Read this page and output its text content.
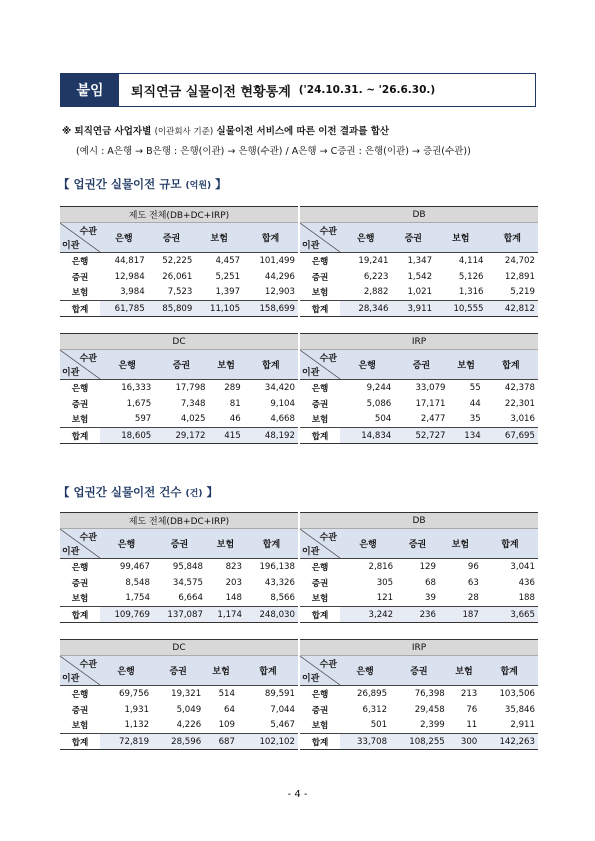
붙임	퇴직연금 실물이전 현황통계 ('24.10.31. ~ '26.6.30.)
※ 퇴직연금 사업자별 (이관회사 기준) 실물이전 서비스에 따른 이전 결과를 합산
(예시 : A은행 → B은행 : 은행(이관) → 은행(수관) / A은행 → C증권 : 은행(이관) → 증권(수관))
【 업권간 실물이전 규모 (억원) 】
【 업권간 실물이전 건수 (건) 】
제도 전체(DB+DC+IRP)				

수관
이관	은행	증권	보험	합계
은행	44,817	52,225	4,457	101,499
증권	12,984	26,061	5,251	44,296
보험	3,984	7,523	1,397	12,903
합계	61,785	85,809	11,105	158,699
DB				

수관
이관	은행	증권	보험	합계
은행	19,241	1,347	4,114	24,702
증권	6,223	1,542	5,126	12,891
보험	2,882	1,021	1,316	5,219
합계	28,346	3,911	10,555	42,812
DC				

수관
이관	은행	증권	보험	합계
은행	16,333	17,798	289	34,420
증권	1,675	7,348	81	9,104
보험	597	4,025	46	4,668
합계	18,605	29,172	415	48,192
IRP				

수관
이관	은행	증권	보험	합계
은행	9,244	33,079	55	42,378
증권	5,086	17,171	44	22,301
보험	504	2,477	35	3,016
합계	14,834	52,727	134	67,695
제도 전체(DB+DC+IRP)				

수관
이관	은행	증권	보험	합계
은행	99,467	95,848	823	196,138
증권	8,548	34,575	203	43,326
보험	1,754	6,664	148	8,566
합계	109,769	137,087	1,174	248,030
DB				

수관
이관	은행	증권	보험	합계
은행	2,816	129	96	3,041
증권	305	68	63	436
보험	121	39	28	188
합계	3,242	236	187	3,665
DC				

수관
이관	은행	증권	보험	합계
은행	69,756	19,321	514	89,591
증권	1,931	5,049	64	7,044
보험	1,132	4,226	109	5,467
합계	72,819	28,596	687	102,102
IRP				

수관
이관	은행	증권	보험	합계
은행	26,895	76,398	213	103,506
증권	6,312	29,458	76	35,846
보험	501	2,399	11	2,911
합계	33,708	108,255	300	142,263
- 4 -
